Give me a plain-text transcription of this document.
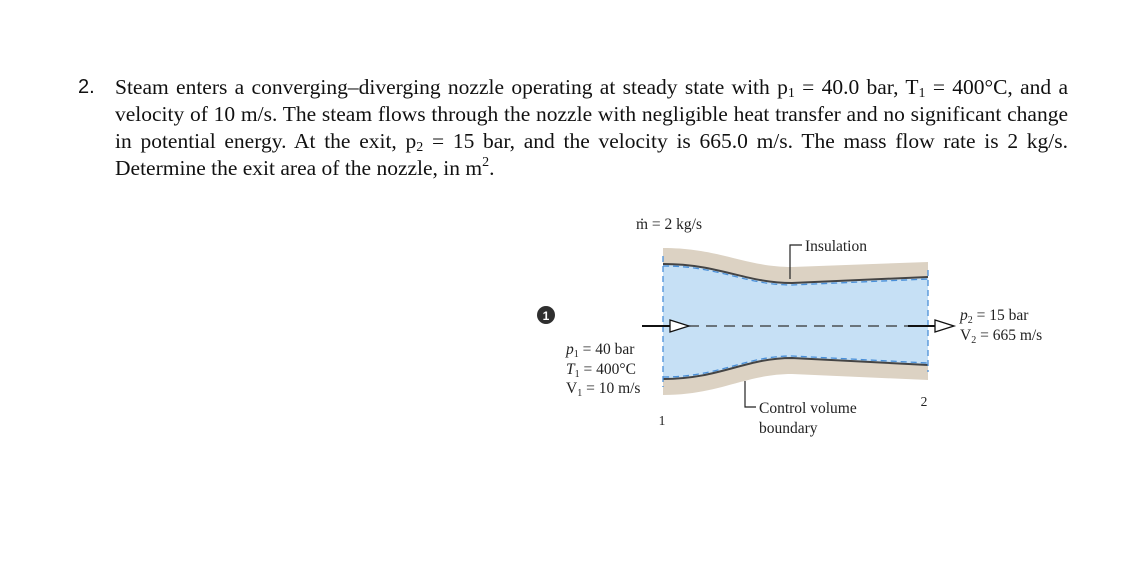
2. Steam enters a converging–diverging nozzle operating at steady state with $p_1 = 40.0$ bar, $T_1 = 400^\circ C$, and a velocity of 10 m/s. The steam flows through the nozzle with negligible heat transfer and no significant change in potential energy. At the exit, $p_2 = 15$ bar, and the velocity is 665.0 m/s. The mass flow rate is 2 kg/s. Determine the exit area of the nozzle, in $m^2$.
ṁ = 2 kg/s
Insulation
1
p1 = 40 bar
T1 = 400°C
V1 = 10 m/s
p2 = 15 bar
V2 = 665 m/s
1
2
Control volume
boundary
